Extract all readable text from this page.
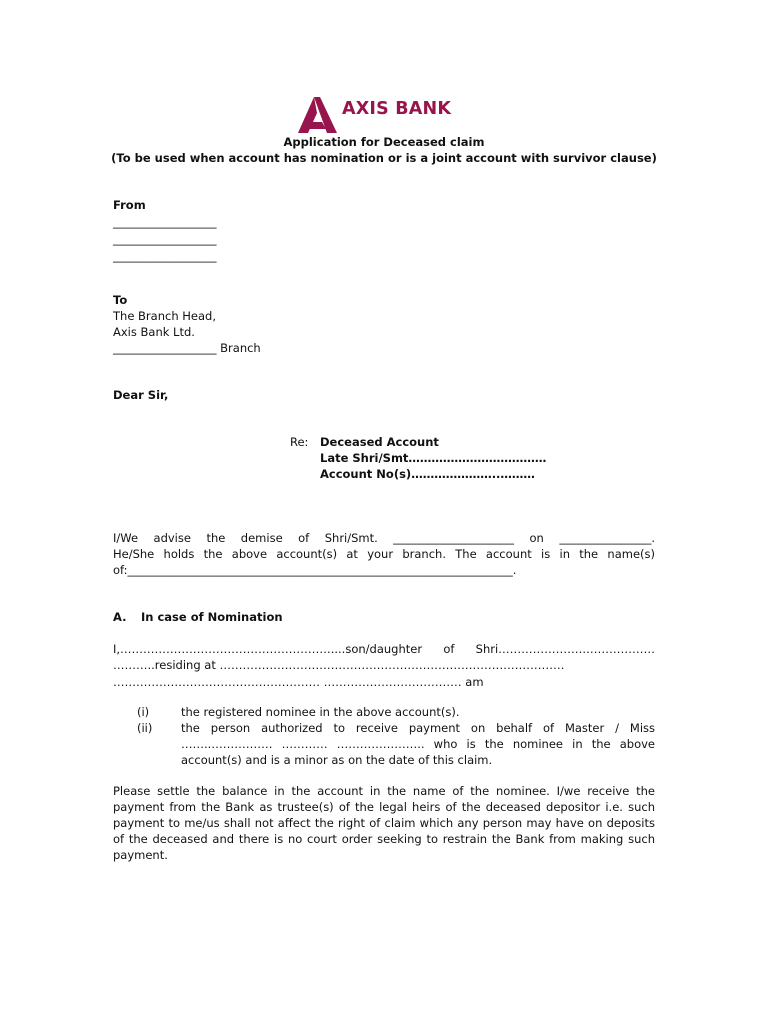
AXIS BANK
Application for Deceased claim
(To be used when account has nomination or is a joint account with survivor clause)
From
__________________
__________________
__________________
To
The Branch Head,
Axis Bank Ltd.
__________________ Branch
Dear Sir,
Re: Deceased Account
Late Shri/Smt………………………………
Account No(s)…………………..………
I/We advise the demise of Shri/Smt. _____________________ on ________________.
He/She holds the above account(s) at your branch. The account is in the name(s)
of:___________________________________________________________________.
A. In case of Nomination
I,……………………………………………….....son/daughter of Shri…………………..………………
………..residing at ………………………………………………………………………………
……………………………………………… ……………………………… am
(i)	the registered nominee in the above account(s).
(ii) the person authorized to receive payment on behalf of Master / Miss ……..……………. ………… ………………….. who is the nominee in the above account(s) and is a minor as on the date of this claim.
Please settle the balance in the account in the name of the nominee. I/we receive the payment from the Bank as trustee(s) of the legal heirs of the deceased depositor i.e. such payment to me/us shall not affect the right of claim which any person may have on deposits of the deceased and there is no court order seeking to restrain the Bank from making such payment.
